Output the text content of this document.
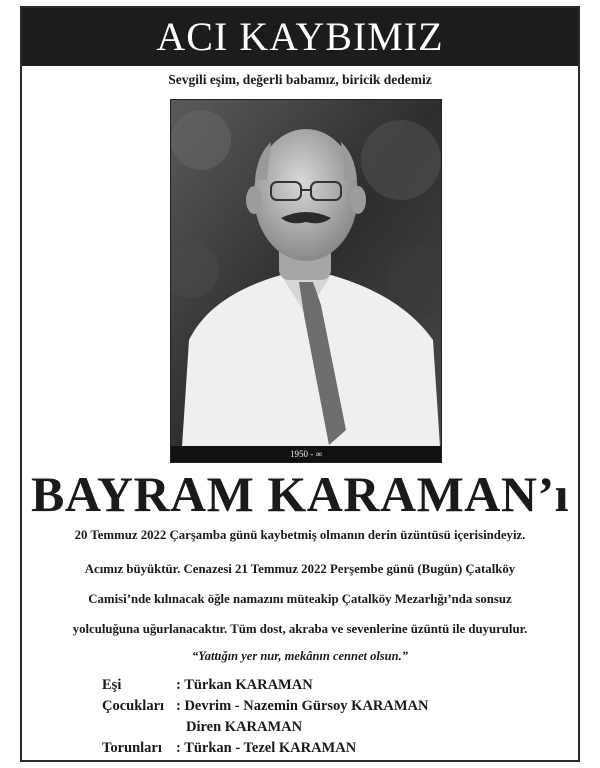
ACI KAYBIMIZ
Sevgili eşim, değerli babamız, biricik dedemiz
1950 - ∞
BAYRAM KARAMAN’ı
20 Temmuz 2022 Çarşamba günü kaybetmiş olmanın derin üzüntüsü içerisindeyiz.
Acımız büyüktür. Cenazesi 21 Temmuz 2022 Perşembe günü (Bugün) Çatalköy
Camisi’nde kılınacak öğle namazını müteakip Çatalköy Mezarlığı’nda sonsuz
yolculuğuna uğurlanacaktır. Tüm dost, akraba ve sevenlerine üzüntü ile duyurulur.
“Yattığın yer nur, mekânın cennet olsun.”
Eşi	: Türkan KARAMAN
Çocukları : Devrim - Nazemin Gürsoy KARAMAN
Diren KARAMAN
Torunları : Türkan - Tezel KARAMAN
